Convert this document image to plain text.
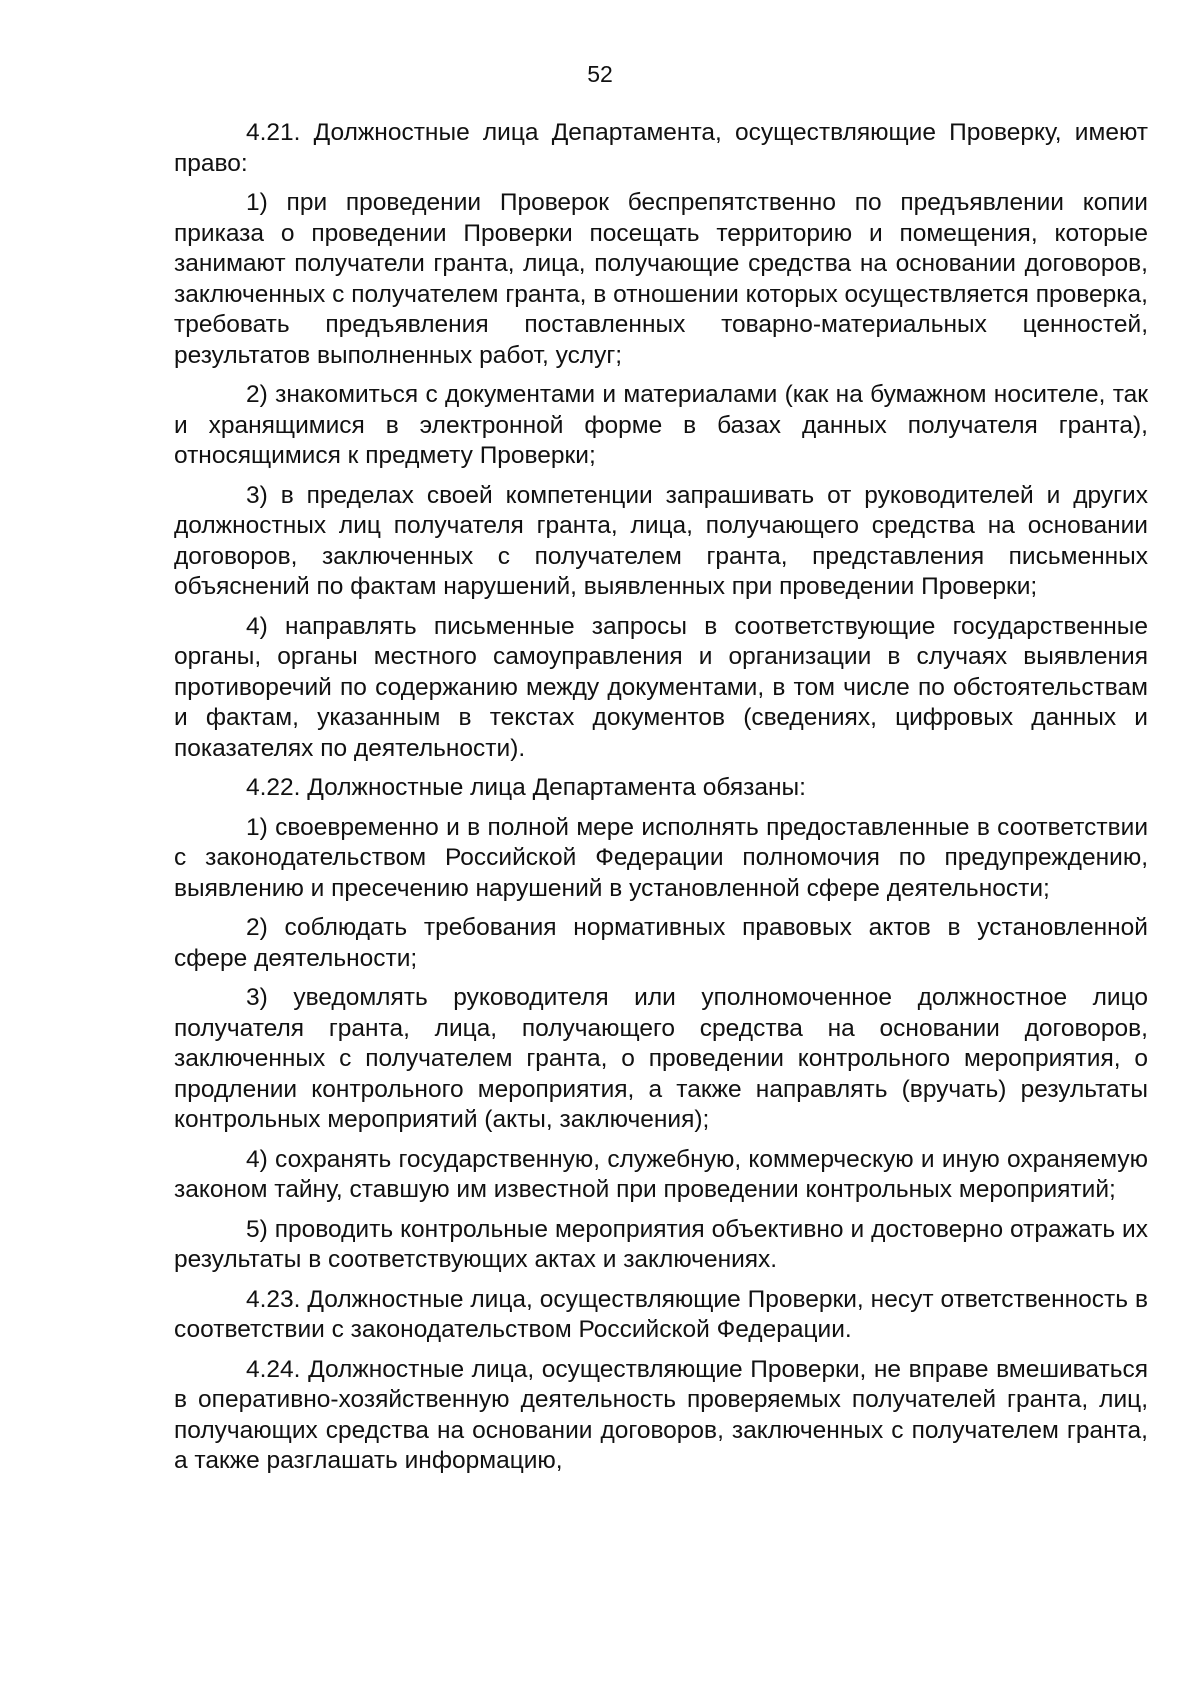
52

4.21. Должностные лица Департамента, осуществляющие Проверку, имеют право:

1) при проведении Проверок беспрепятственно по предъявлении копии приказа о проведении Проверки посещать территорию и помещения, которые занимают получатели гранта, лица, получающие средства на основании договоров, заключенных с получателем гранта, в отношении которых осуществляется проверка, требовать предъявления поставленных товарно-материальных ценностей, результатов выполненных работ, услуг;

2) знакомиться с документами и материалами (как на бумажном носителе, так и хранящимися в электронной форме в базах данных получателя гранта), относящимися к предмету Проверки;

3) в пределах своей компетенции запрашивать от руководителей и других должностных лиц получателя гранта, лица, получающего средства на основании договоров, заключенных с получателем гранта, представления письменных объяснений по фактам нарушений, выявленных при проведении Проверки;

4) направлять письменные запросы в соответствующие государственные органы, органы местного самоуправления и организации в случаях выявления противоречий по содержанию между документами, в том числе по обстоятельствам и фактам, указанным в текстах документов (сведениях, цифровых данных и показателях по деятельности).

4.22. Должностные лица Департамента обязаны:

1) своевременно и в полной мере исполнять предоставленные в соответствии с законодательством Российской Федерации полномочия по предупреждению, выявлению и пресечению нарушений в установленной сфере деятельности;

2) соблюдать требования нормативных правовых актов в установленной сфере деятельности;

3) уведомлять руководителя или уполномоченное должностное лицо получателя гранта, лица, получающего средства на основании договоров, заключенных с получателем гранта, о проведении контрольного мероприятия, о продлении контрольного мероприятия, а также направлять (вручать) результаты контрольных мероприятий (акты, заключения);

4) сохранять государственную, служебную, коммерческую и иную охраняемую законом тайну, ставшую им известной при проведении контрольных мероприятий;

5) проводить контрольные мероприятия объективно и достоверно отражать их результаты в соответствующих актах и заключениях.

4.23. Должностные лица, осуществляющие Проверки, несут ответственность в соответствии с законодательством Российской Федерации.

4.24. Должностные лица, осуществляющие Проверки, не вправе вмешиваться в оперативно-хозяйственную деятельность проверяемых получателей гранта, лиц, получающих средства на основании договоров, заключенных с получателем гранта, а также разглашать информацию,
